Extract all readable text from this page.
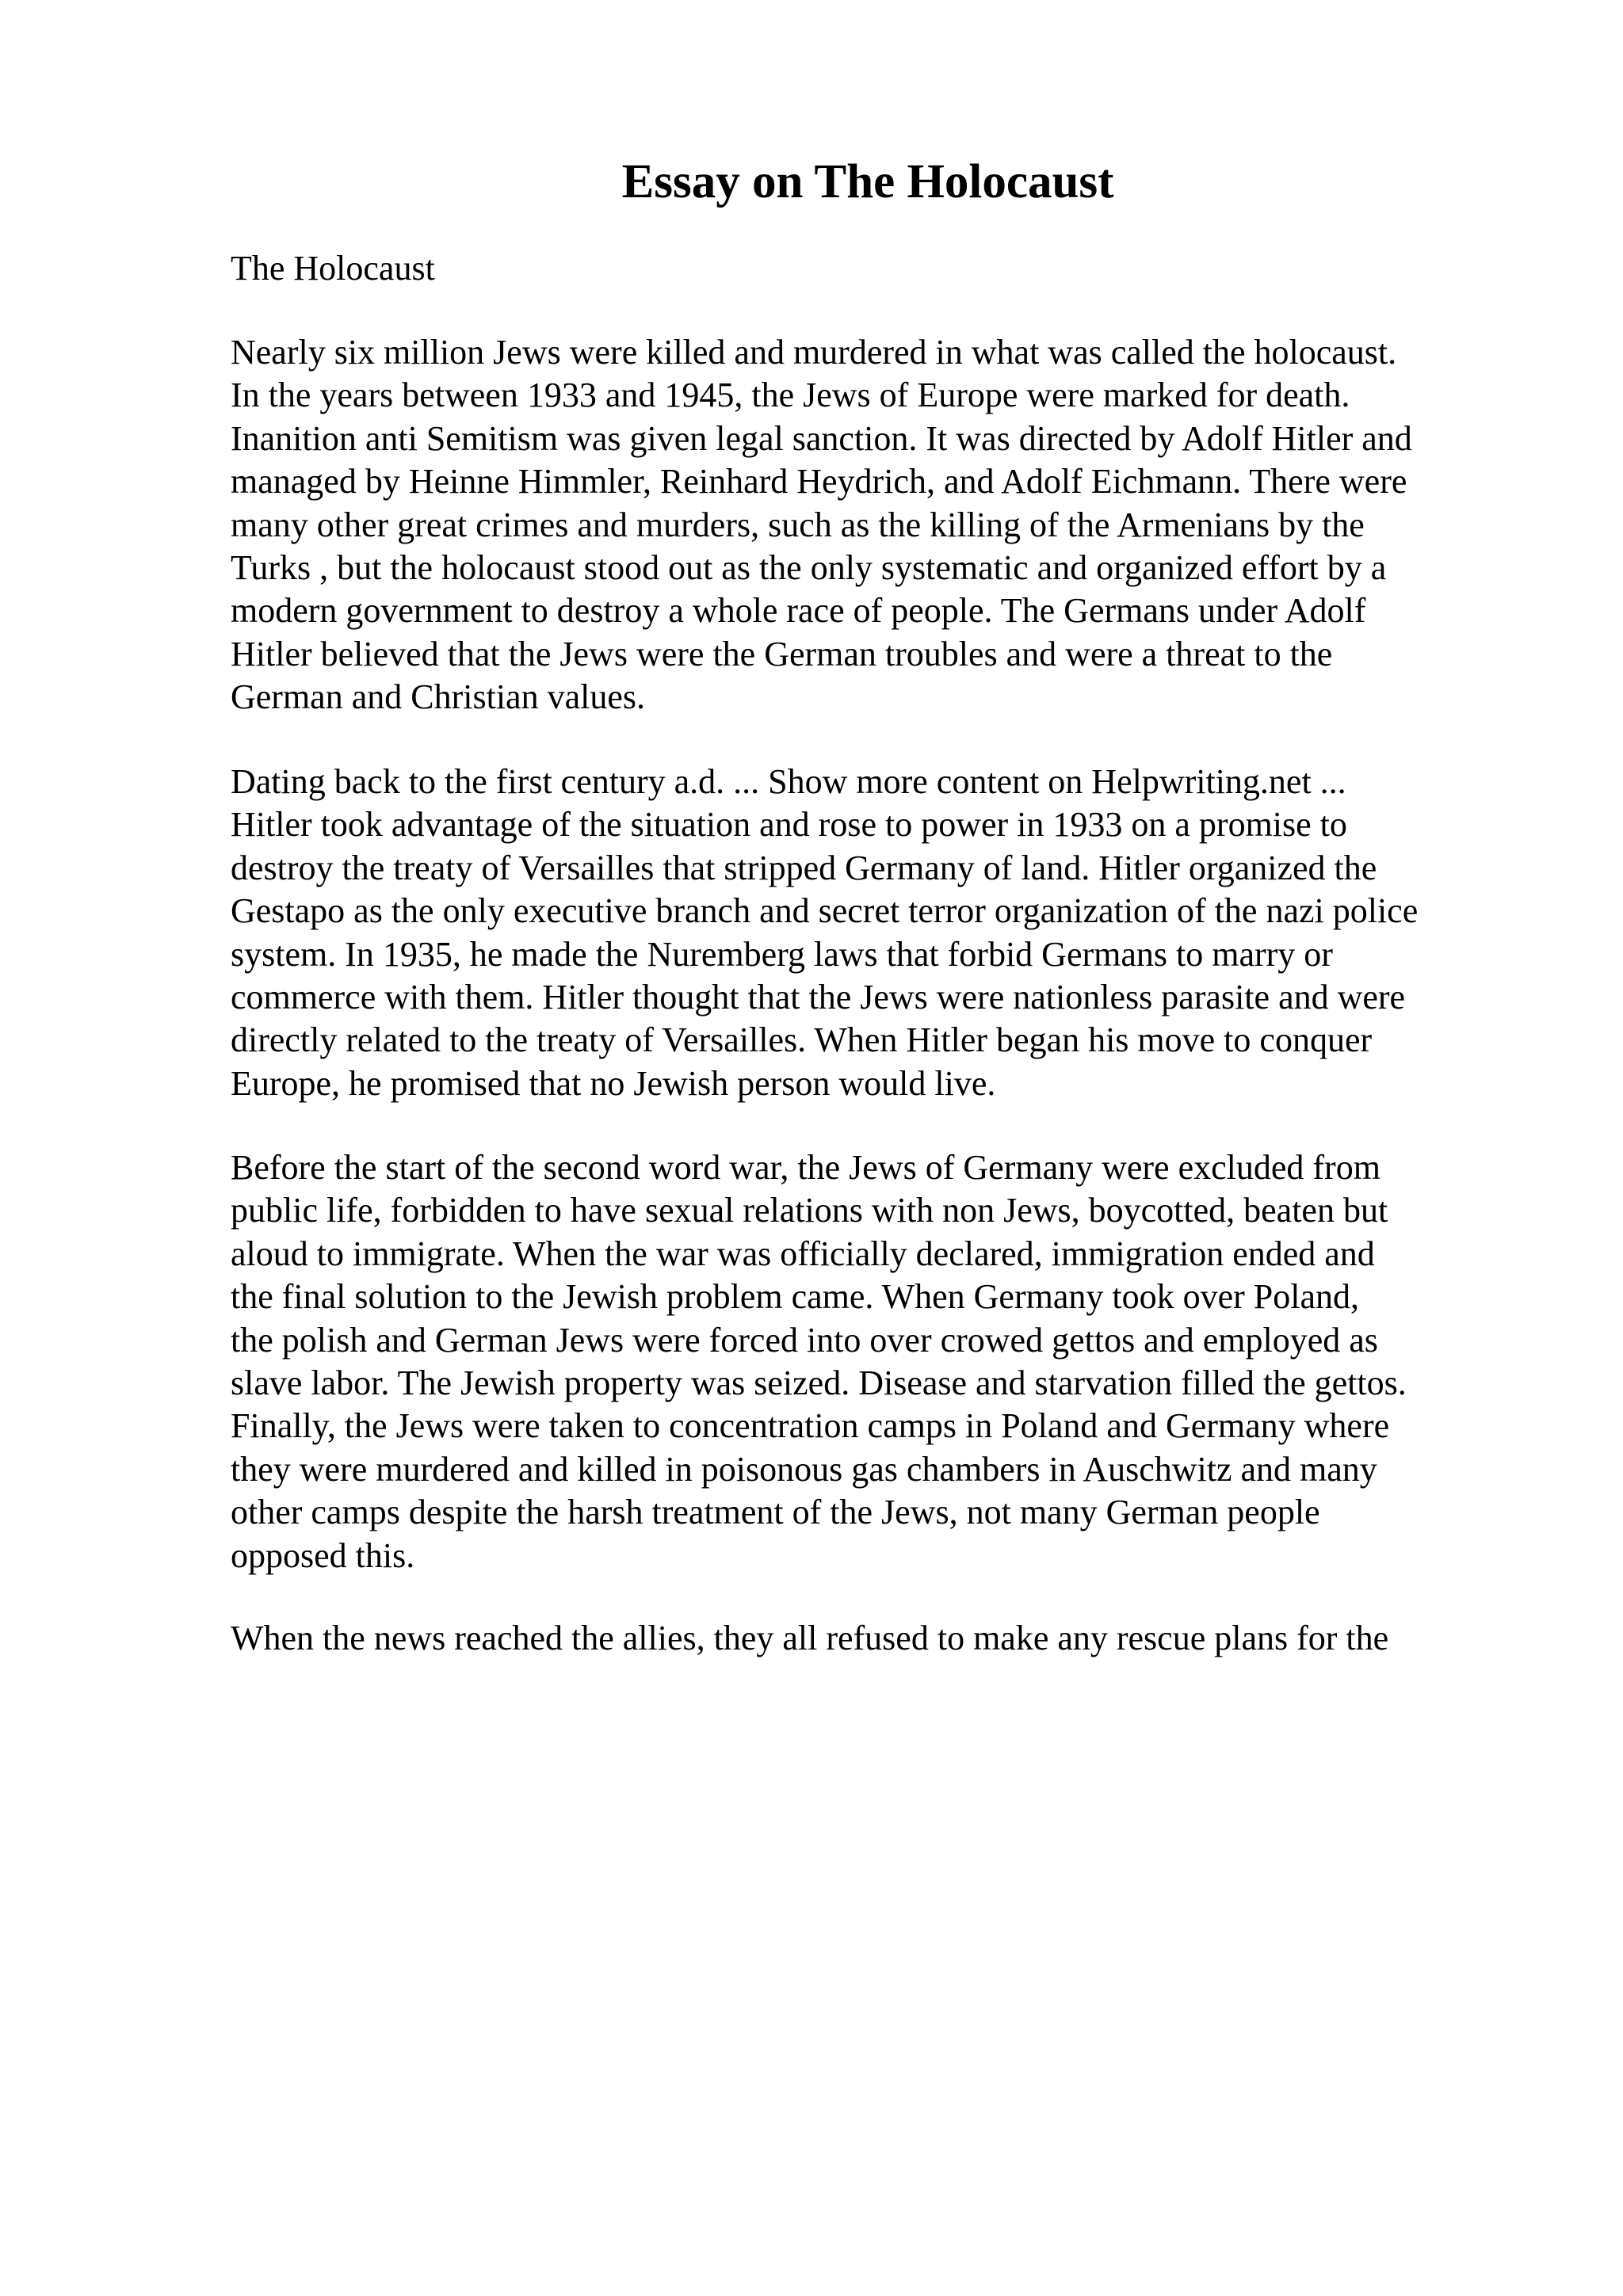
Essay on The Holocaust

The Holocaust

Nearly six million Jews were killed and murdered in what was called the holocaust.
In the years between 1933 and 1945, the Jews of Europe were marked for death.
Inanition anti Semitism was given legal sanction. It was directed by Adolf Hitler and
managed by Heinne Himmler, Reinhard Heydrich, and Adolf Eichmann. There were
many other great crimes and murders, such as the killing of the Armenians by the
Turks , but the holocaust stood out as the only systematic and organized effort by a
modern government to destroy a whole race of people. The Germans under Adolf
Hitler believed that the Jews were the German troubles and were a threat to the
German and Christian values.
Dating back to the first century a.d. ... Show more content on Helpwriting.net ...
Hitler took advantage of the situation and rose to power in 1933 on a promise to
destroy the treaty of Versailles that stripped Germany of land. Hitler organized the
Gestapo as the only executive branch and secret terror organization of the nazi police
system. In 1935, he made the Nuremberg laws that forbid Germans to marry or
commerce with them. Hitler thought that the Jews were nationless parasite and were
directly related to the treaty of Versailles. When Hitler began his move to conquer
Europe, he promised that no Jewish person would live.
Before the start of the second word war, the Jews of Germany were excluded from
public life, forbidden to have sexual relations with non Jews, boycotted, beaten but
aloud to immigrate. When the war was officially declared, immigration ended and
the final solution to the Jewish problem came. When Germany took over Poland,
the polish and German Jews were forced into over crowed gettos and employed as
slave labor. The Jewish property was seized. Disease and starvation filled the gettos.
Finally, the Jews were taken to concentration camps in Poland and Germany where
they were murdered and killed in poisonous gas chambers in Auschwitz and many
other camps despite the harsh treatment of the Jews, not many German people
opposed this.
When the news reached the allies, they all refused to make any rescue plans for the
